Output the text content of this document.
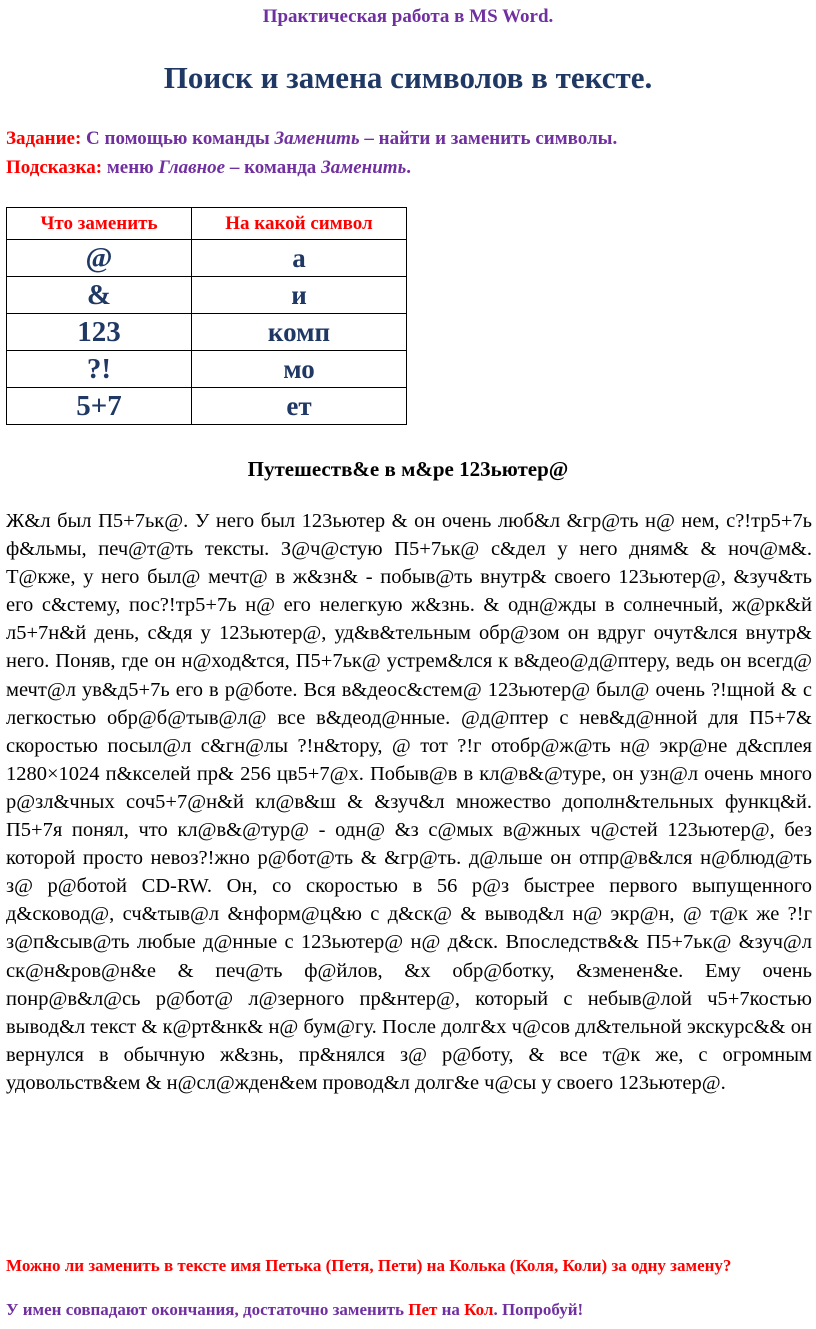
Практическая работа в MS Word.
Поиск и замена символов в тексте.
Задание: С помощью команды Заменить – найти и заменить символы.
Подсказка: меню Главное – команда Заменить.
Что заменить	На какой символ
@	а
&	и
123	комп
?!	мо
5+7	ет
Путешеств&е в м&ре 123ьютер@
Ж&л был П5+7ьк@. У него был 123ьютер & он очень люб&л &гр@ть н@ нем, с?!тр5+7ь ф&льмы, печ@т@ть тексты. З@ч@стую П5+7ьк@ с&дел у него дням& & ноч@м&. Т@кже, у него был@ мечт@ в ж&зн& - побыв@ть внутр& своего 123ьютер@, &зуч&ть его с&стему, пос?!тр5+7ь н@ его нелегкую ж&знь. & одн@жды в солнечный, ж@рк&й л5+7н&й день, с&дя у 123ьютер@, уд&в&тельным обр@зом он вдруг очут&лся внутр& него. Поняв, где он н@ход&тся, П5+7ьк@ устрем&лся к в&део@д@птеру, ведь он всегд@ мечт@л ув&д5+7ь его в р@боте. Вся в&деос&стем@ 123ьютер@ был@ очень ?!щной & с легкостью обр@б@тыв@л@ все в&деод@нные. @д@птер с нев&д@нной для П5+7& скоростью посыл@л с&гн@лы ?!н&тору, @ тот ?!г отобр@ж@ть н@ экр@не д&сплея 1280×1024 п&кселей пр& 256 цв5+7@х. Побыв@в в кл@в&@туре, он узн@л очень много р@зл&чных соч5+7@н&й кл@в&ш & &зуч&л множество дополн&тельных функц&й. П5+7я понял, что кл@в&@тур@ - одн@ &з с@мых в@жных ч@стей 123ьютер@, без которой просто невоз?!жно р@бот@ть & &гр@ть. д@льше он отпр@в&лся н@блюд@ть з@ р@ботой CD-RW. Он, со скоростью в 56 р@з быстрее первого выпущенного д&сковод@, сч&тыв@л &нформ@ц&ю с д&ск@ & вывод&л н@ экр@н, @ т@к же ?!г з@п&сыв@ть любые д@нные с 123ьютер@ н@ д&ск. Впоследств&& П5+7ьк@ &зуч@л ск@н&ров@н&е & печ@ть ф@йлов, &х обр@ботку, &зменен&е. Ему очень понр@в&л@сь р@бот@ л@зерного пр&нтер@, который с небыв@лой ч5+7костью вывод&л текст & к@рт&нк& н@ бум@гу. После долг&х ч@сов дл&тельной экскурс&& он вернулся в обычную ж&знь, пр&нялся з@ р@боту, & все т@к же, с огромным удовольств&ем & н@сл@жден&ем провод&л долг&е ч@сы у своего 123ьютер@.
Можно ли заменить в тексте имя Петька (Петя, Пети) на Колька (Коля, Коли) за одну замену?
У имен совпадают окончания, достаточно заменить Пет на Кол. Попробуй!
